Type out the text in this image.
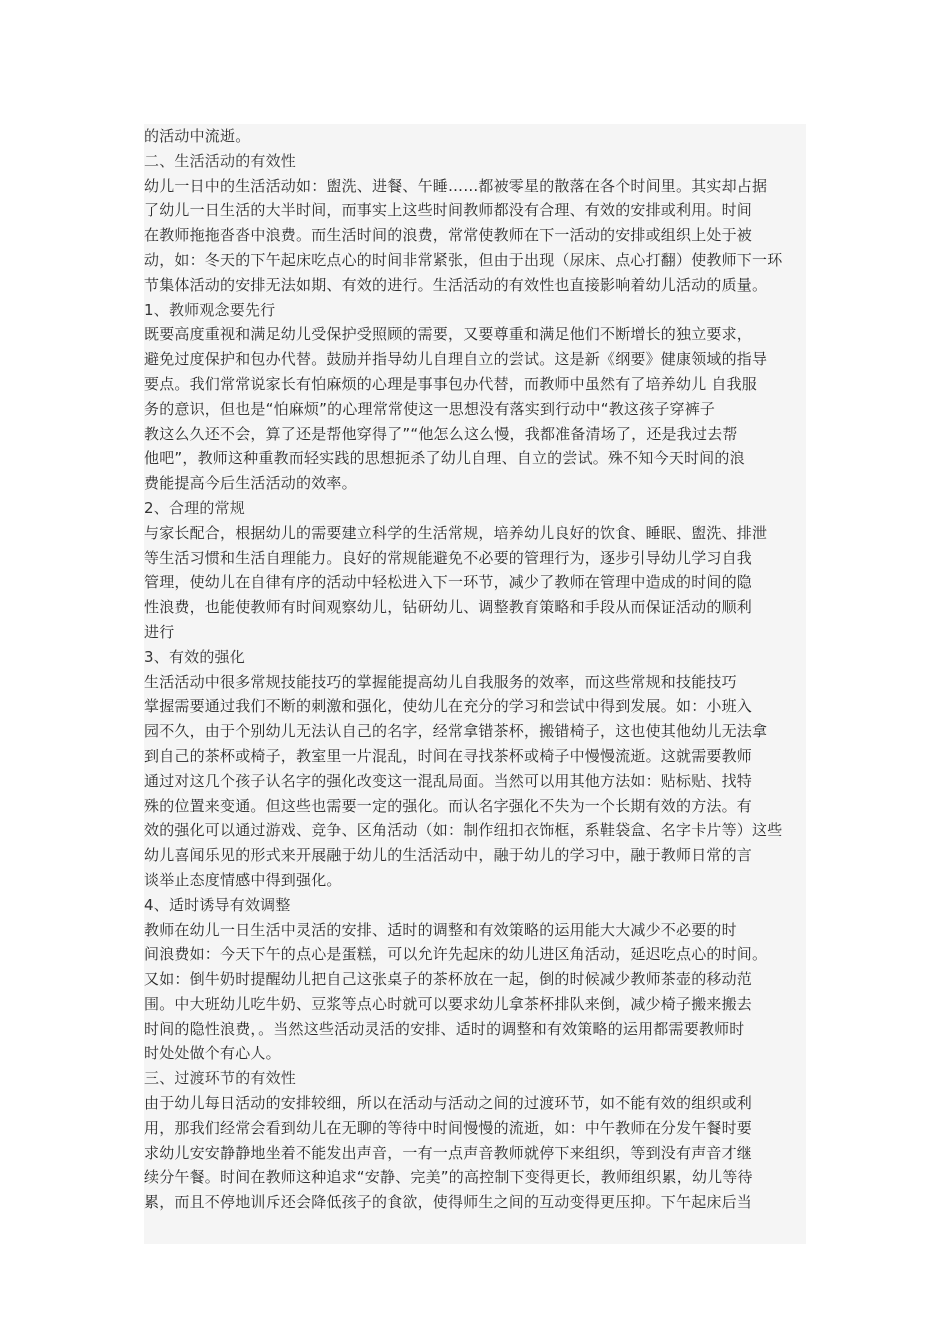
的活动中流逝。
二、生活活动的有效性
幼儿一日中的生活活动如：盥洗、进餐、午睡……都被零星的散落在各个时间里。其实却占据
了幼儿一日生活的大半时间，而事实上这些时间教师都没有合理、有效的安排或利用。时间
在教师拖拖沓沓中浪费。而生活时间的浪费，常常使教师在下一活动的安排或组织上处于被
动，如：冬天的下午起床吃点心的时间非常紧张，但由于出现（尿床、点心打翻）使教师下一环
节集体活动的安排无法如期、有效的进行。生活活动的有效性也直接影响着幼儿活动的质量。
1、教师观念要先行
既要高度重视和满足幼儿受保护受照顾的需要，又要尊重和满足他们不断增长的独立要求，
避免过度保护和包办代替。鼓励并指导幼儿自理自立的尝试。这是新《纲要》健康领域的指导
要点。我们常常说家长有怕麻烦的心理是事事包办代替，而教师中虽然有了培养幼儿 自我服
务的意识，但也是“怕麻烦”的心理常常使这一思想没有落实到行动中“教这孩子穿裤子
教这么久还不会，算了还是帮他穿得了”“他怎么这么慢，我都准备清场了，还是我过去帮
他吧”，教师这种重教而轻实践的思想扼杀了幼儿自理、自立的尝试。殊不知今天时间的浪
费能提高今后生活活动的效率。
2、合理的常规
与家长配合，根据幼儿的需要建立科学的生活常规，培养幼儿良好的饮食、睡眠、盥洗、排泄
等生活习惯和生活自理能力。良好的常规能避免不必要的管理行为，逐步引导幼儿学习自我
管理，使幼儿在自律有序的活动中轻松进入下一环节，减少了教师在管理中造成的时间的隐
性浪费，也能使教师有时间观察幼儿，钻研幼儿、调整教育策略和手段从而保证活动的顺利
进行
3、有效的强化
生活活动中很多常规技能技巧的掌握能提高幼儿自我服务的效率，而这些常规和技能技巧
掌握需要通过我们不断的刺激和强化，使幼儿在充分的学习和尝试中得到发展。如：小班入
园不久，由于个别幼儿无法认自己的名字，经常拿错茶杯，搬错椅子，这也使其他幼儿无法拿
到自己的茶杯或椅子，教室里一片混乱，时间在寻找茶杯或椅子中慢慢流逝。这就需要教师
通过对这几个孩子认名字的强化改变这一混乱局面。当然可以用其他方法如：贴标贴、找特
殊的位置来变通。但这些也需要一定的强化。而认名字强化不失为一个长期有效的方法。有
效的强化可以通过游戏、竞争、区角活动（如：制作纽扣衣饰框，系鞋袋盒、名字卡片等）这些
幼儿喜闻乐见的形式来开展融于幼儿的生活活动中，融于幼儿的学习中，融于教师日常的言
谈举止态度情感中得到强化。
4、适时诱导有效调整
教师在幼儿一日生活中灵活的安排、适时的调整和有效策略的运用能大大减少不必要的时
间浪费如：今天下午的点心是蛋糕，可以允许先起床的幼儿进区角活动，延迟吃点心的时间。
又如：倒牛奶时提醒幼儿把自己这张桌子的茶杯放在一起，倒的时候减少教师茶壶的移动范
围。中大班幼儿吃牛奶、豆浆等点心时就可以要求幼儿拿茶杯排队来倒，减少椅子搬来搬去
时间的隐性浪费，。当然这些活动灵活的安排、适时的调整和有效策略的运用都需要教师时
时处处做个有心人。
三、过渡环节的有效性
由于幼儿每日活动的安排较细，所以在活动与活动之间的过渡环节，如不能有效的组织或利
用，那我们经常会看到幼儿在无聊的等待中时间慢慢的流逝，如：中午教师在分发午餐时要
求幼儿安安静静地坐着不能发出声音，一有一点声音教师就停下来组织，等到没有声音才继
续分午餐。时间在教师这种追求“安静、完美”的高控制下变得更长，教师组织累，幼儿等待
累，而且不停地训斥还会降低孩子的食欲，使得师生之间的互动变得更压抑。下午起床后当
